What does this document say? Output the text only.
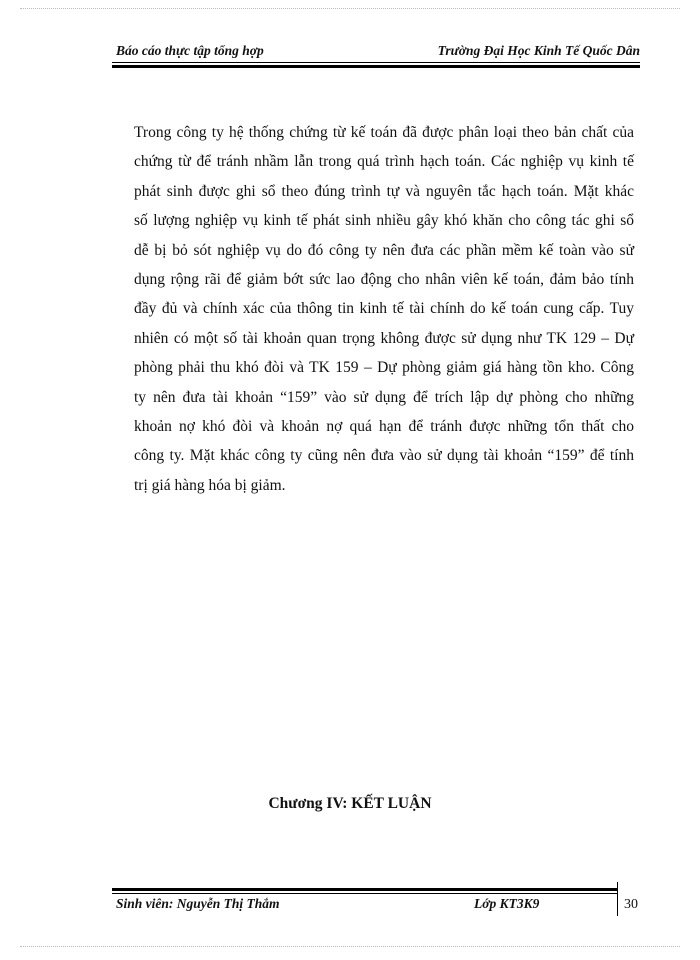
Báo cáo thực tập tổng hợp	Trường Đại Học Kinh Tế Quốc Dân
Trong công ty hệ thống chứng từ kế toán đã được phân loại theo bản chất của
chứng từ để tránh nhầm lẫn trong quá trình hạch toán. Các nghiệp vụ kinh tế
phát sinh được ghi sổ theo đúng trình tự và nguyên tắc hạch toán. Mặt khác
số lượng nghiệp vụ kinh tế phát sinh nhiều gây khó khăn cho công tác ghi sổ
dễ bị bỏ sót nghiệp vụ do đó công ty nên đưa các phần mềm kế toàn vào sử
dụng rộng rãi để giảm bớt sức lao động cho nhân viên kế toán, đảm bảo tính
đầy đủ và chính xác của thông tin kinh tế tài chính do kế toán cung cấp. Tuy
nhiên có một số tài khoản quan trọng không được sử dụng như TK 129 – Dự
phòng phải thu khó đòi và TK 159 – Dự phòng giảm giá hàng tồn kho. Công
ty nên đưa tài khoản “159” vào sử dụng để trích lập dự phòng cho những
khoản nợ khó đòi và khoản nợ quá hạn để tránh được những tổn thất cho
công ty. Mặt khác công ty cũng nên đưa vào sử dụng tài khoản “159” để tính
trị giá hàng hóa bị giảm.
Chương IV: KẾT LUẬN
Sinh viên: Nguyễn Thị Thắm	Lớp KT3K9	30
